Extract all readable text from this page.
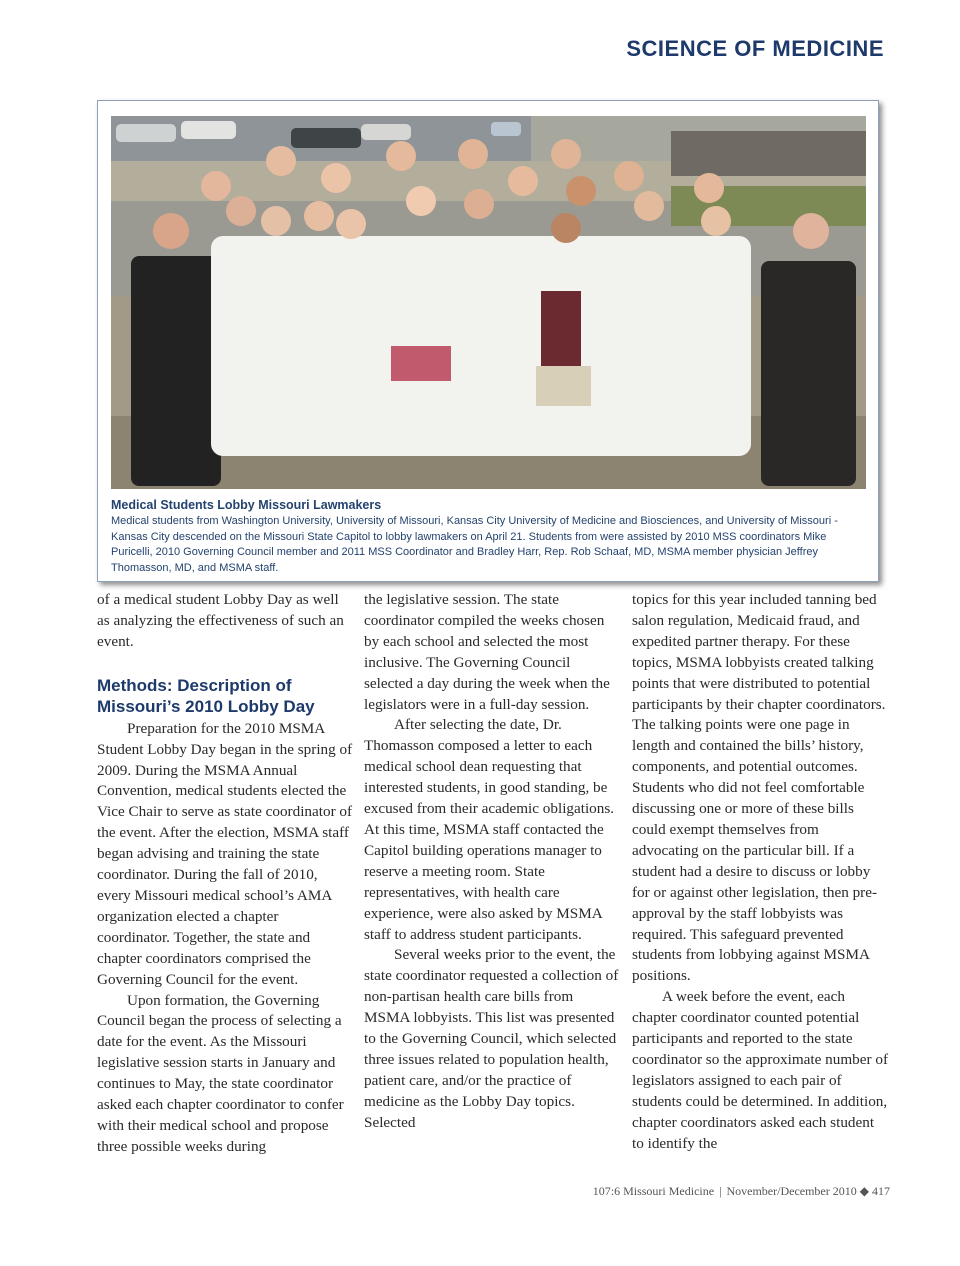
SCIENCE OF MEDICINE
Medical Students Lobby Missouri Lawmakers
Medical students from Washington University, University of Missouri, Kansas City University of Medicine and Biosciences, and University of Missouri - Kansas City descended on the Missouri State Capitol to lobby lawmakers on April 21. Students from were assisted by 2010 MSS coordinators Mike Puricelli, 2010 Governing Council member and 2011 MSS Coordinator and Bradley Harr, Rep. Rob Schaaf, MD, MSMA member physician Jeffrey Thomasson, MD, and MSMA staff.

of a medical student Lobby Day as well as analyzing the effectiveness of such an event.

Methods: Description of Missouri’s 2010 Lobby Day

Preparation for the 2010 MSMA Student Lobby Day began in the spring of 2009. During the MSMA Annual Convention, medical students elected the Vice Chair to serve as state coordinator of the event. After the election, MSMA staff began advising and training the state coordinator. During the fall of 2010, every Missouri medical school’s AMA organization elected a chapter coordinator. Together, the state and chapter coordinators comprised the Governing Council for the event.

Upon formation, the Governing Council began the process of selecting a date for the event. As the Missouri legislative session starts in January and continues to May, the state coordinator asked each chapter coordinator to confer with their medical school and propose three possible weeks during

the legislative session. The state coordinator compiled the weeks chosen by each school and selected the most inclusive. The Governing Council selected a day during the week when the legislators were in a full-day session.

After selecting the date, Dr. Thomasson composed a letter to each medical school dean requesting that interested students, in good standing, be excused from their academic obligations. At this time, MSMA staff contacted the Capitol building operations manager to reserve a meeting room. State representatives, with health care experience, were also asked by MSMA staff to address student participants.

Several weeks prior to the event, the state coordinator requested a collection of non-partisan health care bills from MSMA lobbyists. This list was presented to the Governing Council, which selected three issues related to population health, patient care, and/or the practice of medicine as the Lobby Day topics. Selected

topics for this year included tanning bed salon regulation, Medicaid fraud, and expedited partner therapy. For these topics, MSMA lobbyists created talking points that were distributed to potential participants by their chapter coordinators. The talking points were one page in length and contained the bills’ history, components, and potential outcomes. Students who did not feel comfortable discussing one or more of these bills could exempt themselves from advocating on the particular bill. If a student had a desire to discuss or lobby for or against other legislation, then pre-approval by the staff lobbyists was required. This safeguard prevented students from lobbying against MSMA positions.

A week before the event, each chapter coordinator counted potential participants and reported to the state coordinator so the approximate number of legislators assigned to each pair of students could be determined. In addition, chapter coordinators asked each student to identify the

107:6 Missouri Medicine | November/December 2010 ◆ 417
